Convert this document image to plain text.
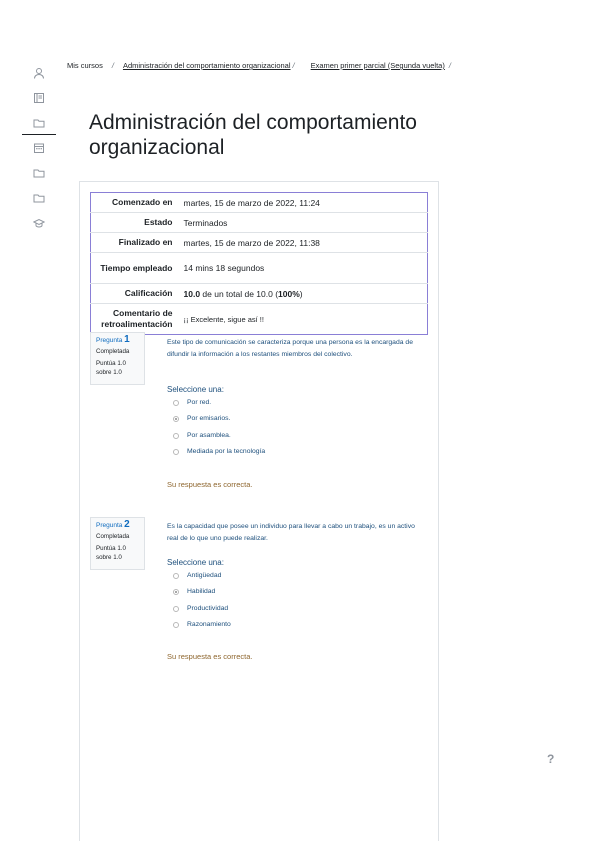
Mis cursos / Administración del comportamiento organizacional / Examen primer parcial (Segunda vuelta) /
Administración del comportamiento organizacional
Comenzado en	martes, 15 de marzo de 2022, 11:24
Estado	Terminados
Finalizado en	martes, 15 de marzo de 2022, 11:38
Tiempo empleado	14 mins 18 segundos
Calificación	10.0 de un total de 10.0 (100%)
Comentario de retroalimentación	¡¡ Excelente, sigue así !!
Pregunta 1
Completada
Puntúa 1.0
sobre 1.0
Este tipo de comunicación se caracteriza porque una persona es la encargada de difundir la información a los restantes miembros del colectivo.
Seleccione una:
Por red.
Por emisarios.
Por asamblea.
Mediada por la tecnología
Su respuesta es correcta.
Pregunta 2
Completada
Puntúa 1.0
sobre 1.0
Es la capacidad que posee un individuo para llevar a cabo un trabajo, es un activo real de lo que uno puede realizar.
Seleccione una:
Antigüedad
Habilidad
Productividad
Razonamiento
Su respuesta es correcta.
?
